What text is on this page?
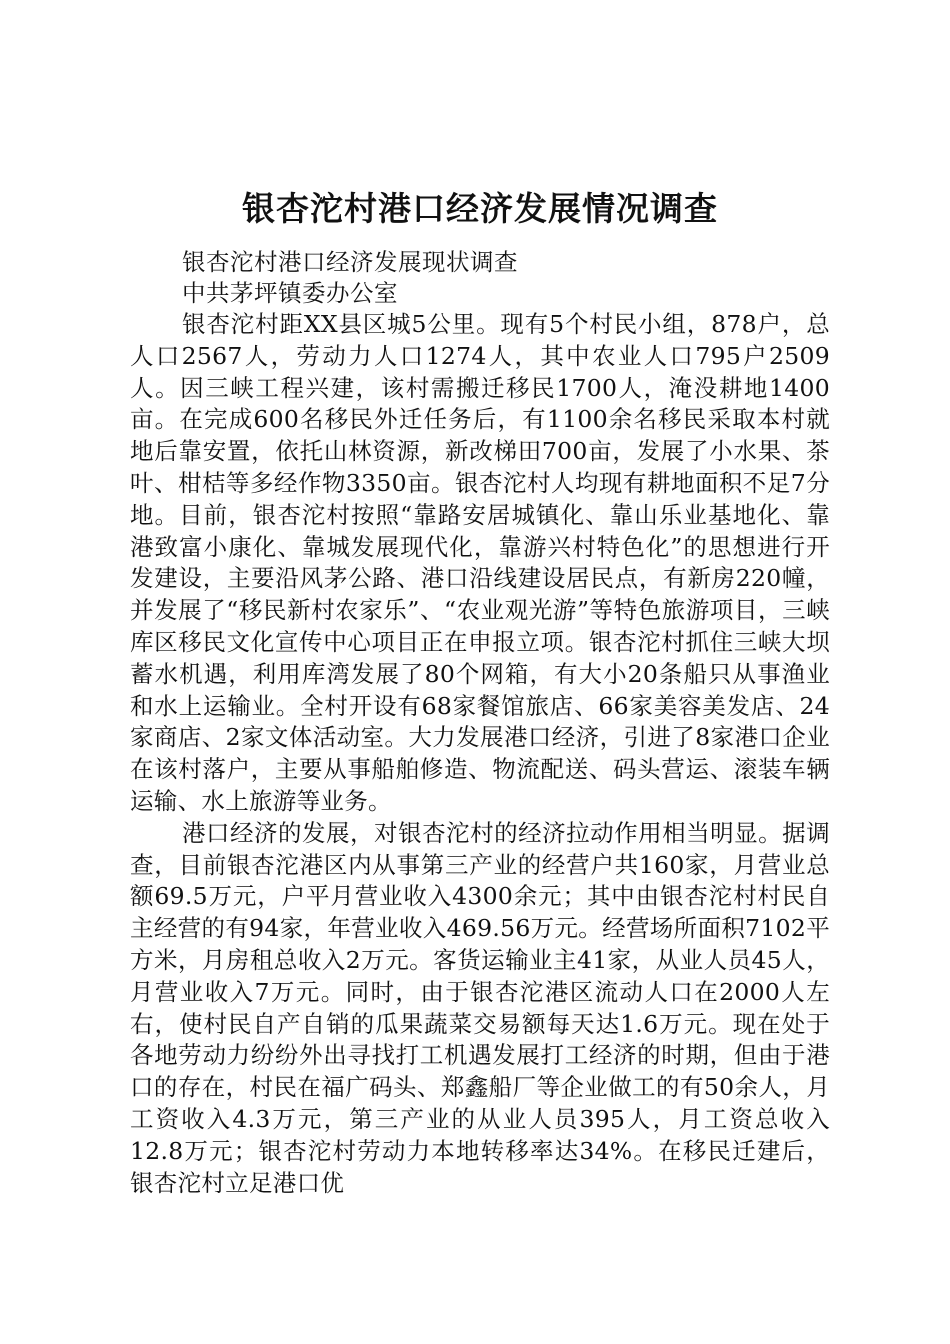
银杏沱村港口经济发展情况调查

银杏沱村港口经济发展现状调查

中共茅坪镇委办公室

银杏沱村距XX县区城5公里。现有5个村民小组，878户，总人口2567人，劳动力人口1274人，其中农业人口795户2509人。因三峡工程兴建，该村需搬迁移民1700人，淹没耕地1400亩。在完成600名移民外迁任务后，有1100余名移民采取本村就地后靠安置，依托山林资源，新改梯田700亩，发展了小水果、茶叶、柑桔等多经作物3350亩。银杏沱村人均现有耕地面积不足7分地。目前，银杏沱村按照“靠路安居城镇化、靠山乐业基地化、靠港致富小康化、靠城发展现代化，靠游兴村特色化”的思想进行开发建设，主要沿风茅公路、港口沿线建设居民点，有新房220幢，并发展了“移民新村农家乐”、“农业观光游”等特色旅游项目，三峡库区移民文化宣传中心项目正在申报立项。银杏沱村抓住三峡大坝蓄水机遇，利用库湾发展了80个网箱，有大小20条船只从事渔业和水上运输业。全村开设有68家餐馆旅店、66家美容美发店、24家商店、2家文体活动室。大力发展港口经济，引进了8家港口企业在该村落户，主要从事船舶修造、物流配送、码头营运、滚装车辆运输、水上旅游等业务。

港口经济的发展，对银杏沱村的经济拉动作用相当明显。据调查，目前银杏沱港区内从事第三产业的经营户共160家，月营业总额69.5万元，户平月营业收入4300余元；其中由银杏沱村村民自主经营的有94家，年营业收入469.56万元。经营场所面积7102平方米，月房租总收入2万元。客货运输业主41家，从业人员45人，月营业收入7万元。同时，由于银杏沱港区流动人口在2000人左右，使村民自产自销的瓜果蔬菜交易额每天达1.6万元。现在处于各地劳动力纷纷外出寻找打工机遇发展打工经济的时期，但由于港口的存在，村民在福广码头、郑鑫船厂等企业做工的有50余人，月工资收入4.3万元，第三产业的从业人员395人，月工资总收入12.8万元；银杏沱村劳动力本地转移率达34%。在移民迁建后，银杏沱村立足港口优
